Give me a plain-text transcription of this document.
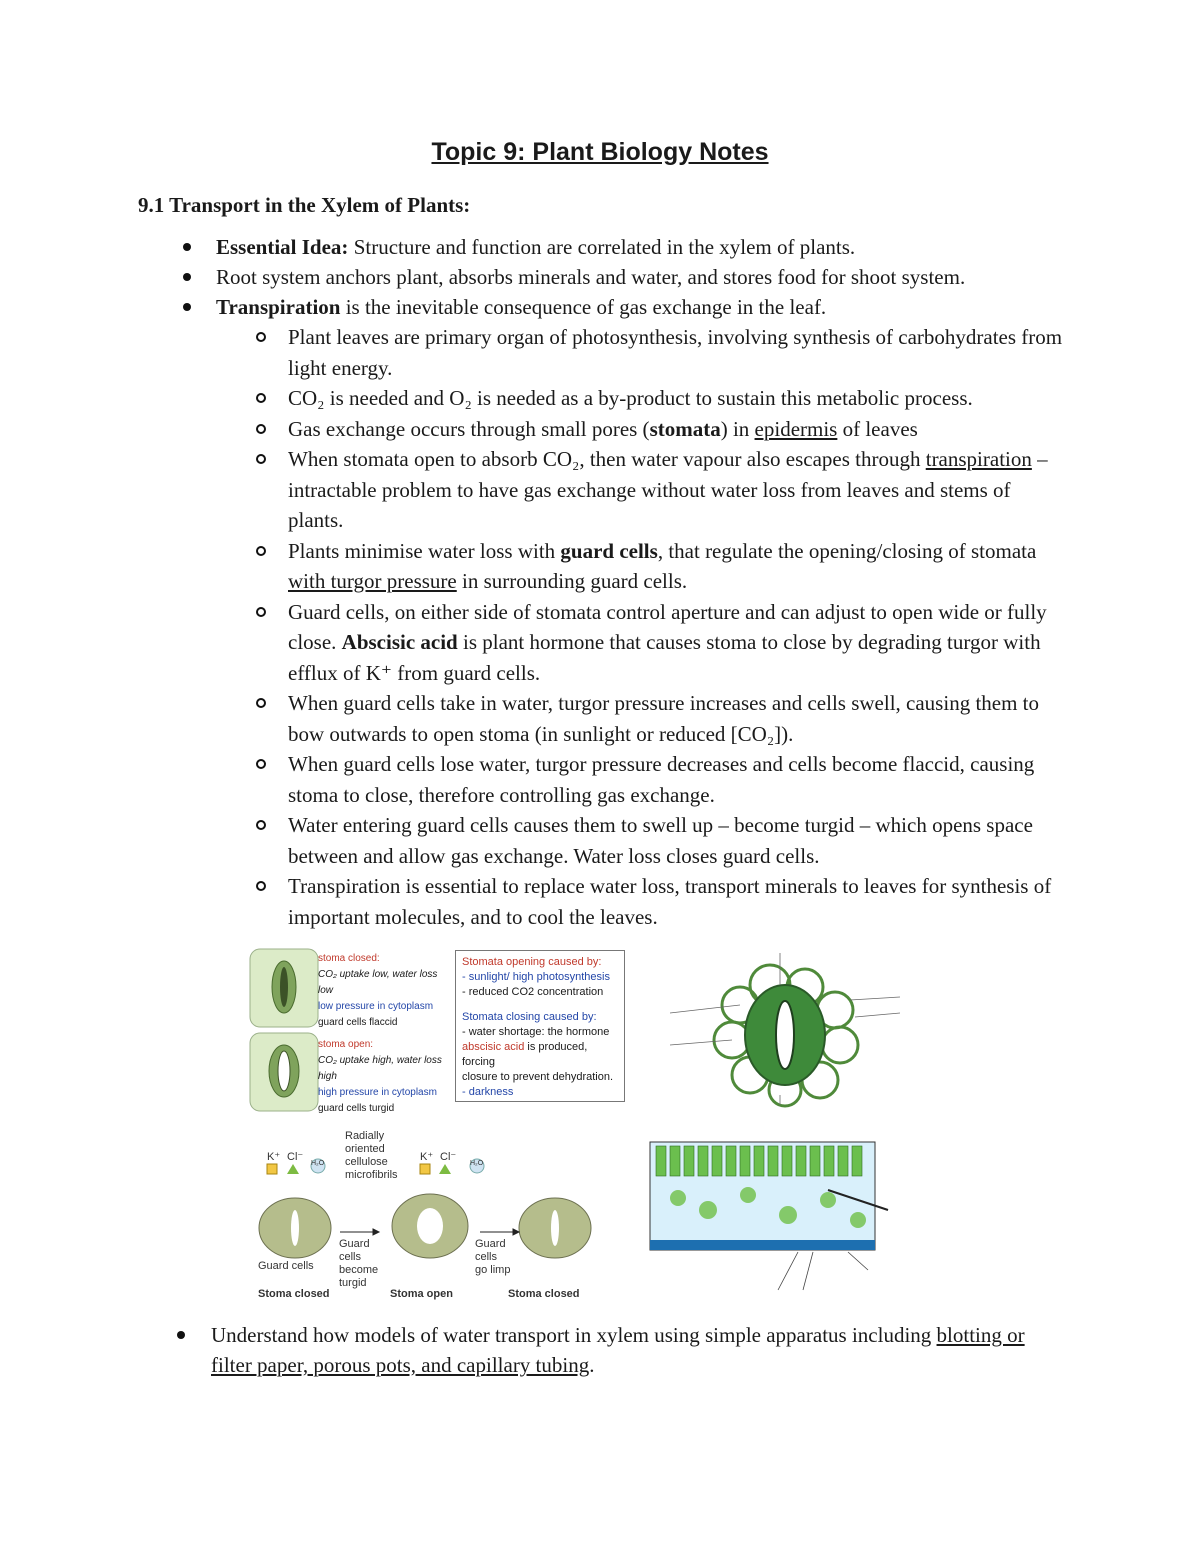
Topic 9: Plant Biology Notes
9.1 Transport in the Xylem of Plants:
Essential Idea: Structure and function are correlated in the xylem of plants.
Root system anchors plant, absorbs minerals and water, and stores food for shoot system.
Transpiration is the inevitable consequence of gas exchange in the leaf.
Plant leaves are primary organ of photosynthesis, involving synthesis of carbohydrates from light energy.
CO₂ is needed and O₂ is needed as a by-product to sustain this metabolic process.
Gas exchange occurs through small pores (stomata) in epidermis of leaves
When stomata open to absorb CO₂, then water vapour also escapes through transpiration – intractable problem to have gas exchange without water loss from leaves and stems of plants.
Plants minimise water loss with guard cells, that regulate the opening/closing of stomata with turgor pressure in surrounding guard cells.
Guard cells, on either side of stomata control aperture and can adjust to open wide or fully close. Abscisic acid is plant hormone that causes stoma to close by degrading turgor with efflux of K⁺ from guard cells.
When guard cells take in water, turgor pressure increases and cells swell, causing them to bow outwards to open stoma (in sunlight or reduced [CO₂]).
When guard cells lose water, turgor pressure decreases and cells become flaccid, causing stoma to close, therefore controlling gas exchange.
Water entering guard cells causes them to swell up – become turgid – which opens space between and allow gas exchange. Water loss closes guard cells.
Transpiration is essential to replace water loss, transport minerals to leaves for synthesis of important molecules, and to cool the leaves.
stoma closed:
CO₂ uptake low, water loss low
low pressure in cytoplasm
guard cells flaccid
stoma open:
CO₂ uptake high, water loss high
high pressure in cytoplasm
guard cells turgid
Stomata opening caused by:
- sunlight/ high photosynthesis
- reduced CO2 concentration
Stomata closing caused by:
- water shortage: the hormone
abscisic acid is produced, forcing
closure to prevent dehydration.
- darkness
K⁺ Cl⁻
H₂O
K⁺ Cl⁻
H₂O
Radially
oriented
cellulose
microfibrils
Guard cells
Guard
cells
become
turgid
Guard
cells
go limp
Stoma closed	Stoma open	Stoma closed
Understand how models of water transport in xylem using simple apparatus including blotting or filter paper, porous pots, and capillary tubing.
